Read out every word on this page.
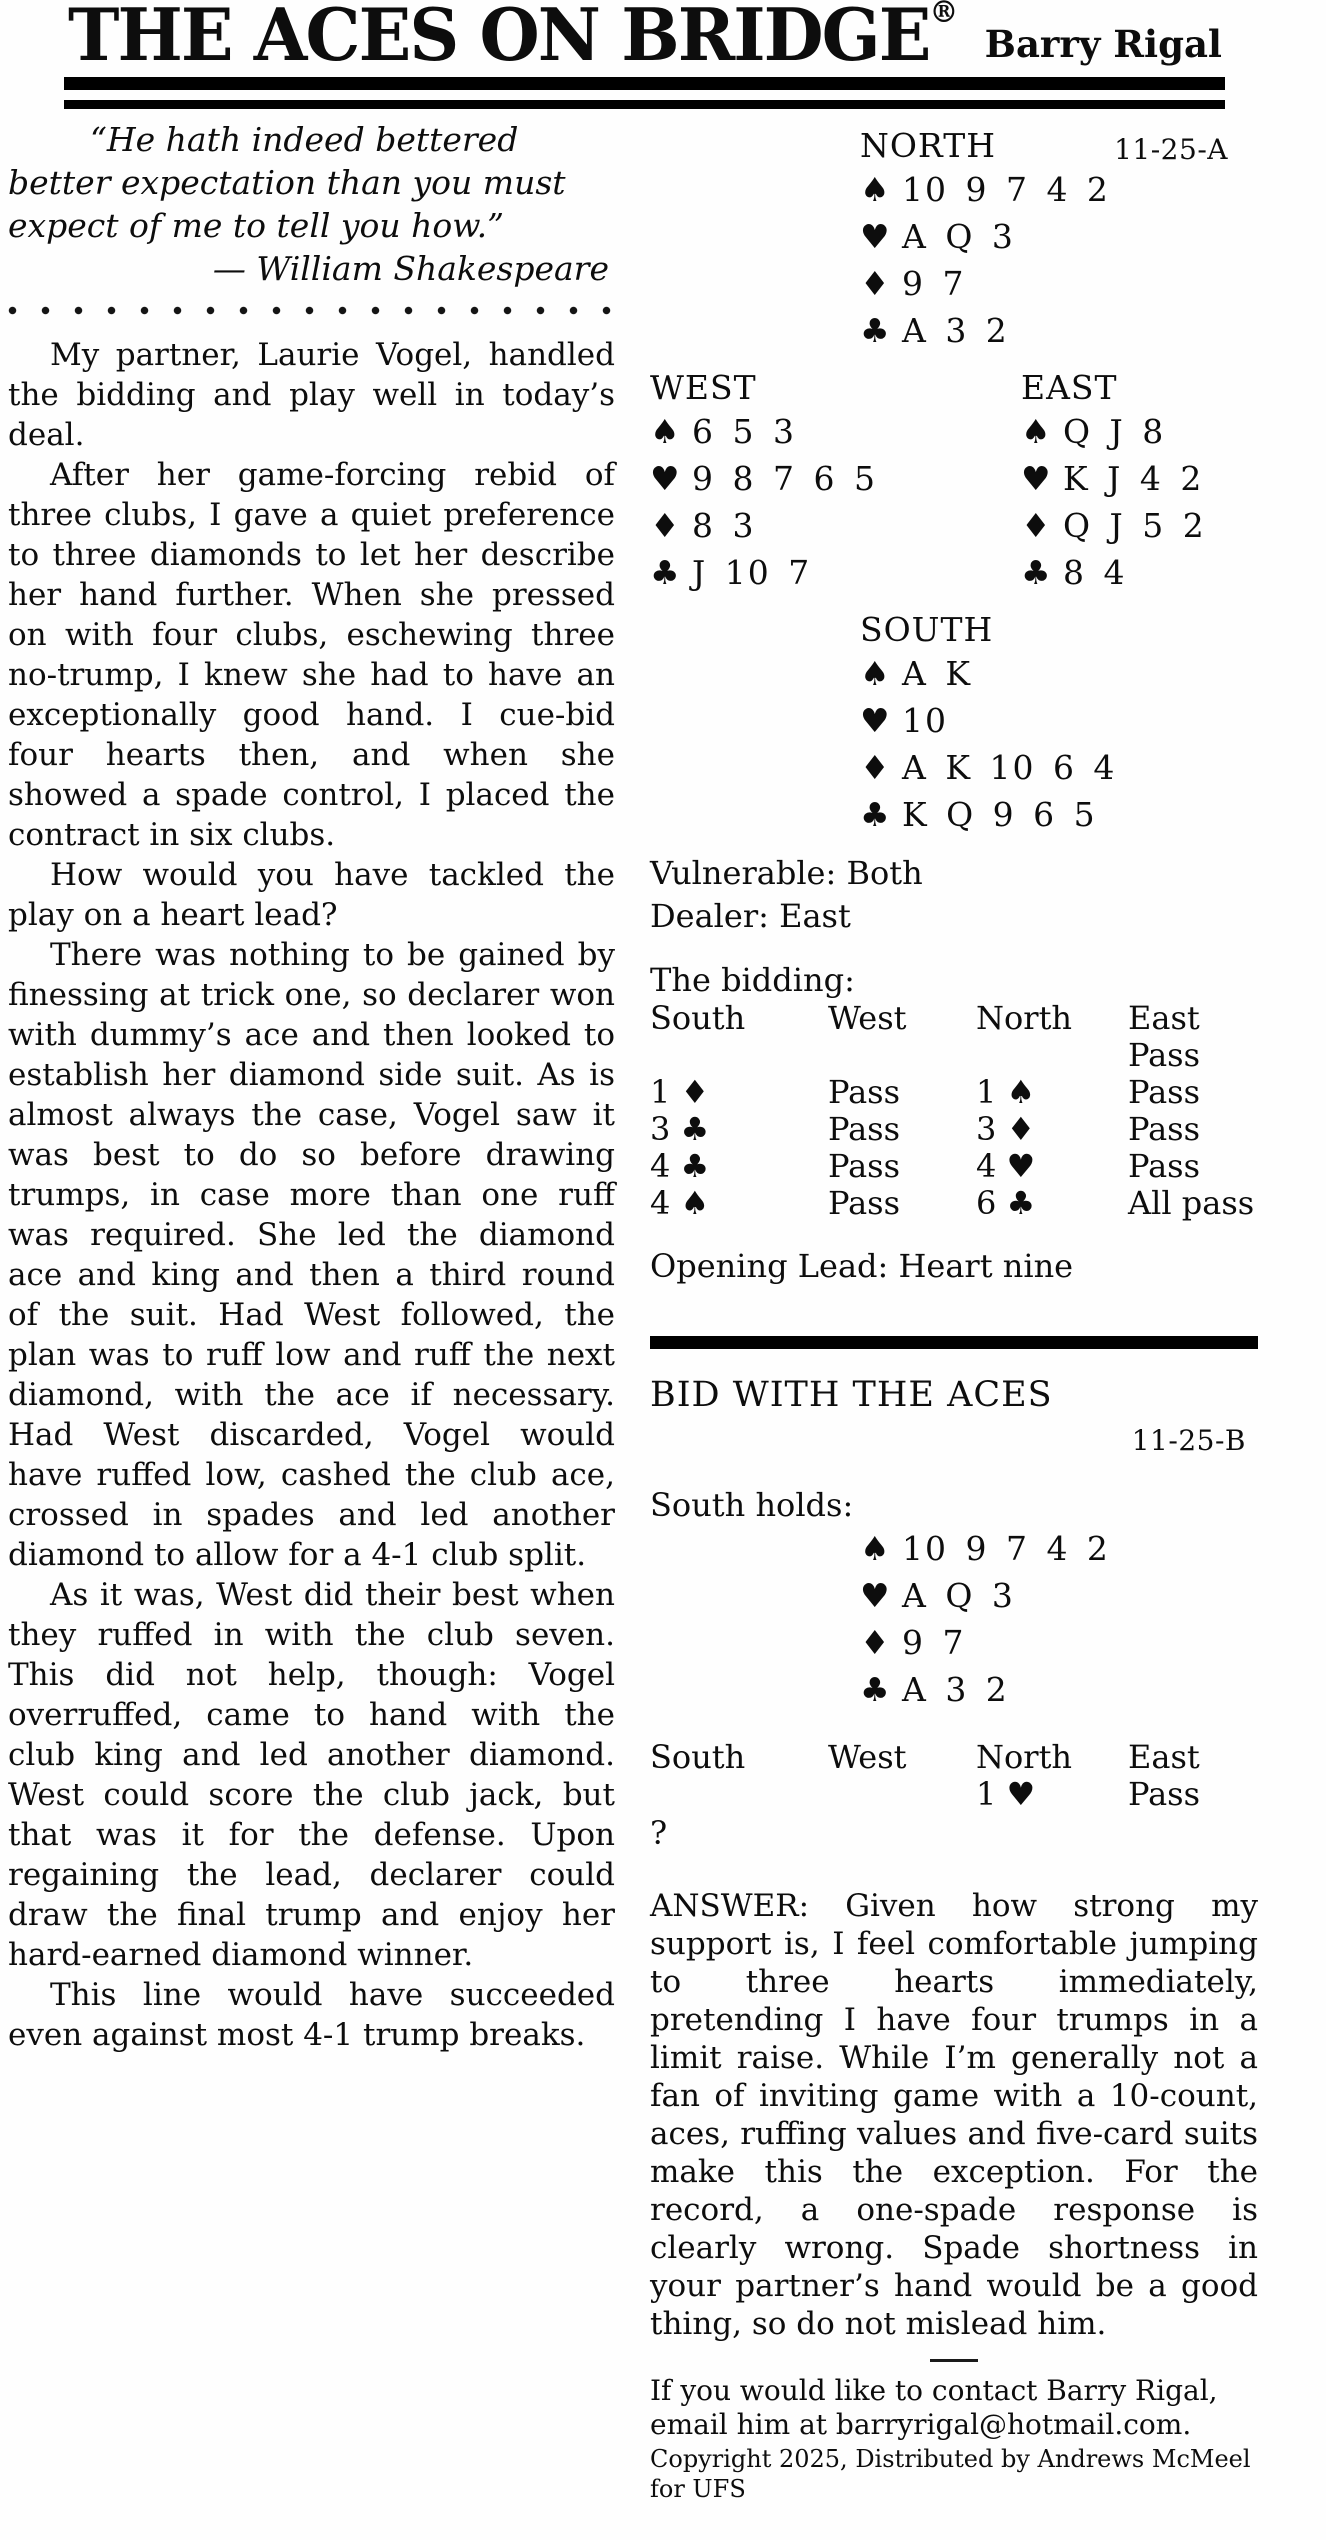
THE ACES ON BRIDGE®
Barry Rigal
“He hath indeed bettered better expectation than you must expect of me to tell you how.”
— William Shakespeare

My partner, Laurie Vogel, handled the bidding and play well in today’s deal.

After her game-forcing rebid of three clubs, I gave a quiet preference to three diamonds to let her describe her hand further. When she pressed on with four clubs, eschewing three no-trump, I knew she had to have an exceptionally good hand. I cue-bid four hearts then, and when she showed a spade control, I placed the contract in six clubs.

How would you have tackled the play on a heart lead?

There was nothing to be gained by finessing at trick one, so declarer won with dummy’s ace and then looked to establish her diamond side suit. As is almost always the case, Vogel saw it was best to do so before drawing trumps, in case more than one ruff was required. She led the diamond ace and king and then a third round of the suit. Had West followed, the plan was to ruff low and ruff the next diamond, with the ace if necessary. Had West discarded, Vogel would have ruffed low, cashed the club ace, crossed in spades and led another diamond to allow for a 4-1 club split.

As it was, West did their best when they ruffed in with the club seven. This did not help, though: Vogel overruffed, came to hand with the club king and led another diamond. West could score the club jack, but that was it for the defense. Upon regaining the lead, declarer could draw the final trump and enjoy her hard-earned diamond winner.

This line would have succeeded even against most 4-1 trump breaks.

NORTH	11-25-A
♠ 10 9 7 4 2
♥ A Q 3
♦ 9 7
♣ A 3 2
WEST
♠ 6 5 3
♥ 9 8 7 6 5
♦ 8 3
♣ J 10 7
EAST
♠ Q J 8
♥ K J 4 2
♦ Q J 5 2
♣ 8 4
SOUTH
♠ A K
♥ 10
♦ A K 10 6 4
♣ K Q 9 6 5
Vulnerable: Both
Dealer: East
The bidding:
South	West	North	East
			Pass
1 ♦	Pass	1 ♠	Pass
3 ♣	Pass	3 ♦	Pass
4 ♣	Pass	4 ♥	Pass
4 ♠	Pass	6 ♣	All pass
Opening Lead: Heart nine
BID WITH THE ACES
11-25-B
South holds:
♠ 10 9 7 4 2
♥ A Q 3
♦ 9 7
♣ A 3 2
South	West	North	East
		1 ♥	Pass
?
ANSWER: Given how strong my support is, I feel comfortable jumping to three hearts immediately, pretending I have four trumps in a limit raise. While I’m generally not a fan of inviting game with a 10-count, aces, ruffing values and five-card suits make this the exception. For the record, a one-spade response is clearly wrong. Spade shortness in your partner’s hand would be a good thing, so do not mislead him.
If you would like to contact Barry Rigal, email him at barryrigal@hotmail.com.
Copyright 2025, Distributed by Andrews McMeel for UFS
